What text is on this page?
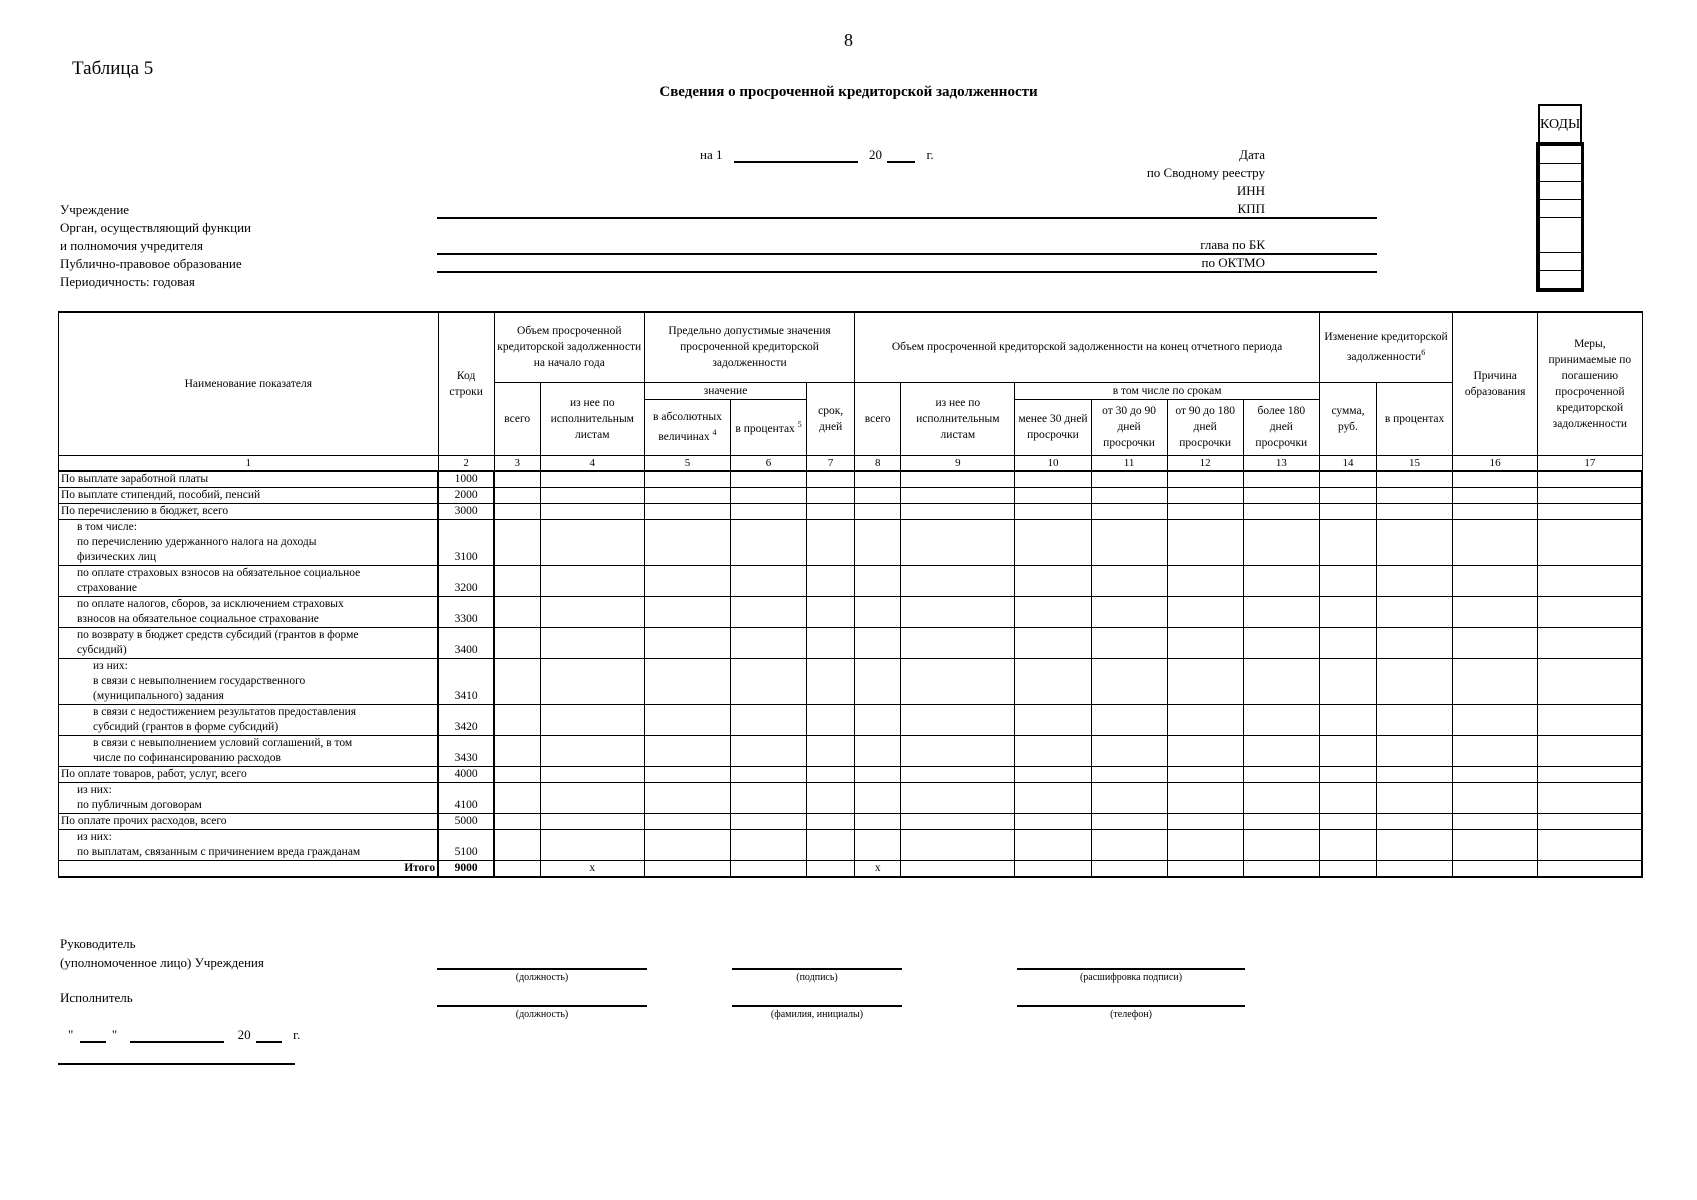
8
Таблица 5
Сведения о просроченной кредиторской задолженности
на 1	20	г.
Учреждение
Орган, осуществляющий функции
и полномочия учредителя
Публично-правовое образование
Периодичность: годовая
Дата
по Сводному реестру
ИНН
КПП
глава по БК
по ОКТМО
КОДЫ

Наименование показателя	Код строки	Объем просроченной кредиторской задолженности на начало года		Предельно допустимые значения просроченной кредиторской задолженности			Объем просроченной кредиторской задолженности на конец отчетного периода						Изменение кредиторской задолженности$^6$		Причина образования	Меры, принимаемые по погашению просроченной кредиторской задолженности
		всего	из нее по исполнительным листам	значение		срок, дней	всего	из нее по исполнительным листам	в том числе по срокам				сумма, руб.	в процентах		
				в абсолютных величинах $^4$	в процентах $^5$				менее 30 дней просрочки	от 30 до 90 дней просрочки	от 90 до 180 дней просрочки	более 180 дней просрочки				
1	2	3	4	5	6	7	8	9	10	11	12	13	14	15	16	17

По выплате заработной платы	1000															

По выплате стипендий, пособий, пенсий	2000															

По перечислению в бюджет, всего	3000															

в том числе:
по перечислению удержанного налога на доходы
физических лиц	3100															

по оплате страховых взносов на обязательное социальное
страхование	3200															

по оплате налогов, сборов, за исключением страховых
взносов на обязательное социальное страхование	3300															

по возврату в бюджет средств субсидий (грантов в форме
субсидий)	3400															

из них:
в связи с невыполнением государственного
(муниципального) задания	3410															

в связи с недостижением результатов предоставления
субсидий (грантов в форме субсидий)	3420															

в связи с невыполнением условий соглашений, в том
числе по софинансированию расходов	3430															

По оплате товаров, работ, услуг, всего	4000															

из них:
по публичным договорам	4100															

По оплате прочих расходов, всего	5000															

из них:
по выплатам, связанным с причинением вреда гражданам	5100															
Итого	9000		x				x									
Руководитель
(уполномоченное лицо) Учреждения
Исполнитель
(должность)	(подпись)	(расшифровка подписи)
(должность)	(фамилия, инициалы)	(телефон)
"	"	20	г.
